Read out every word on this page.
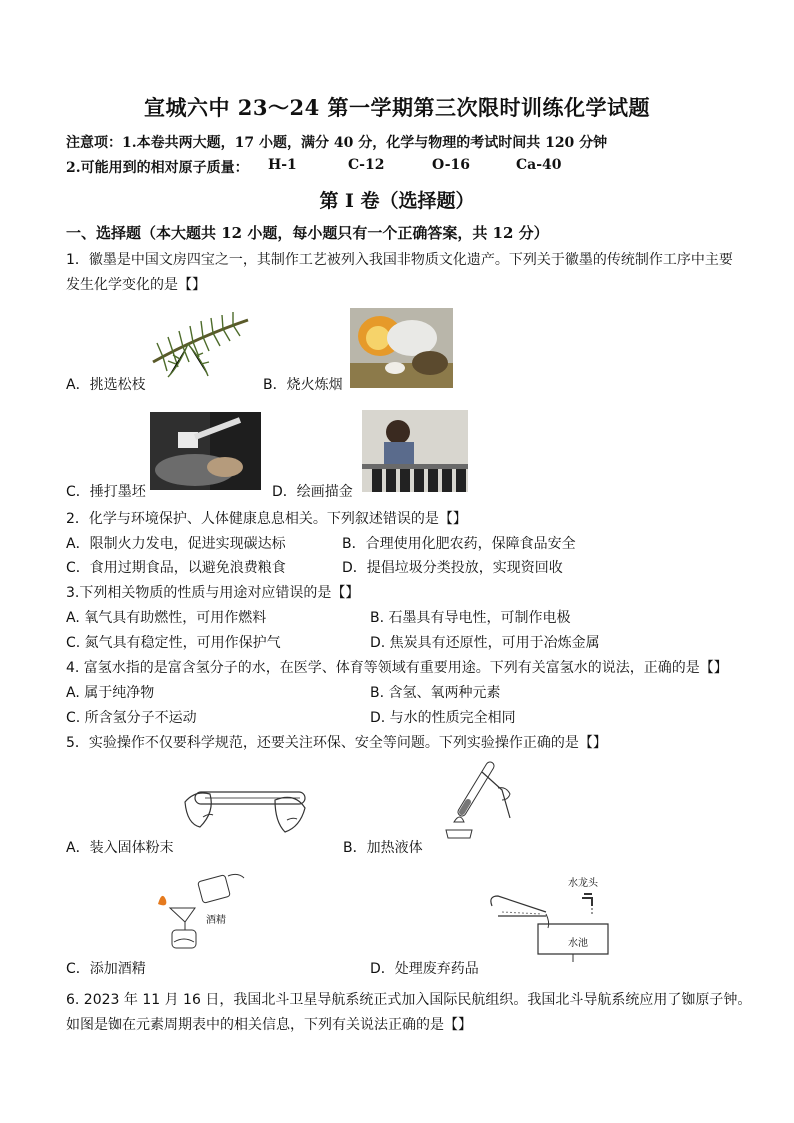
宣城六中 23～24 第一学期第三次限时训练化学试题
注意项：1.本卷共两大题，17 小题，满分 40 分，化学与物理的考试时间共 120 分钟
2.可能用到的相对原子质量： H-1	C-12	O-16	Ca-40
第 I 卷（选择题）
一、选择题（本大题共 12 小题，每小题只有一个正确答案，共 12 分）
1．徽墨是中国文房四宝之一，其制作工艺被列入我国非物质文化遗产。下列关于徽墨的传统制作工序中主要
发生化学变化的是【】
A．挑选松枝	B．烧火炼烟
C．捶打墨坯	D．绘画描金
2．化学与环境保护、人体健康息息相关。下列叙述错误的是【】
A．限制火力发电，促进实现碳达标	B．合理使用化肥农药，保障食品安全
C．食用过期食品，以避免浪费粮食	D．提倡垃圾分类投放，实现资回收
3.下列相关物质的性质与用途对应错误的是【】
A. 氧气具有助燃性，可用作燃料	B. 石墨具有导电性，可制作电极
C. 氮气具有稳定性，可用作保护气	D. 焦炭具有还原性，可用于冶炼金属
4. 富氢水指的是富含氢分子的水，在医学、体育等领域有重要用途。下列有关富氢水的说法，正确的是【】
A. 属于纯净物	B. 含氢、氧两种元素
C. 所含氢分子不运动	D. 与水的性质完全相同
5．实验操作不仅要科学规范，还要关注环保、安全等问题。下列实验操作正确的是【】
A．装入固体粉末	B．加热液体
酒精
C．添加酒精
水龙头
水池
D．处理废弃药品
6. 2023 年 11 月 16 日，我国北斗卫星导航系统正式加入国际民航组织。我国北斗导航系统应用了铷原子钟。
如图是铷在元素周期表中的相关信息，下列有关说法正确的是【】
